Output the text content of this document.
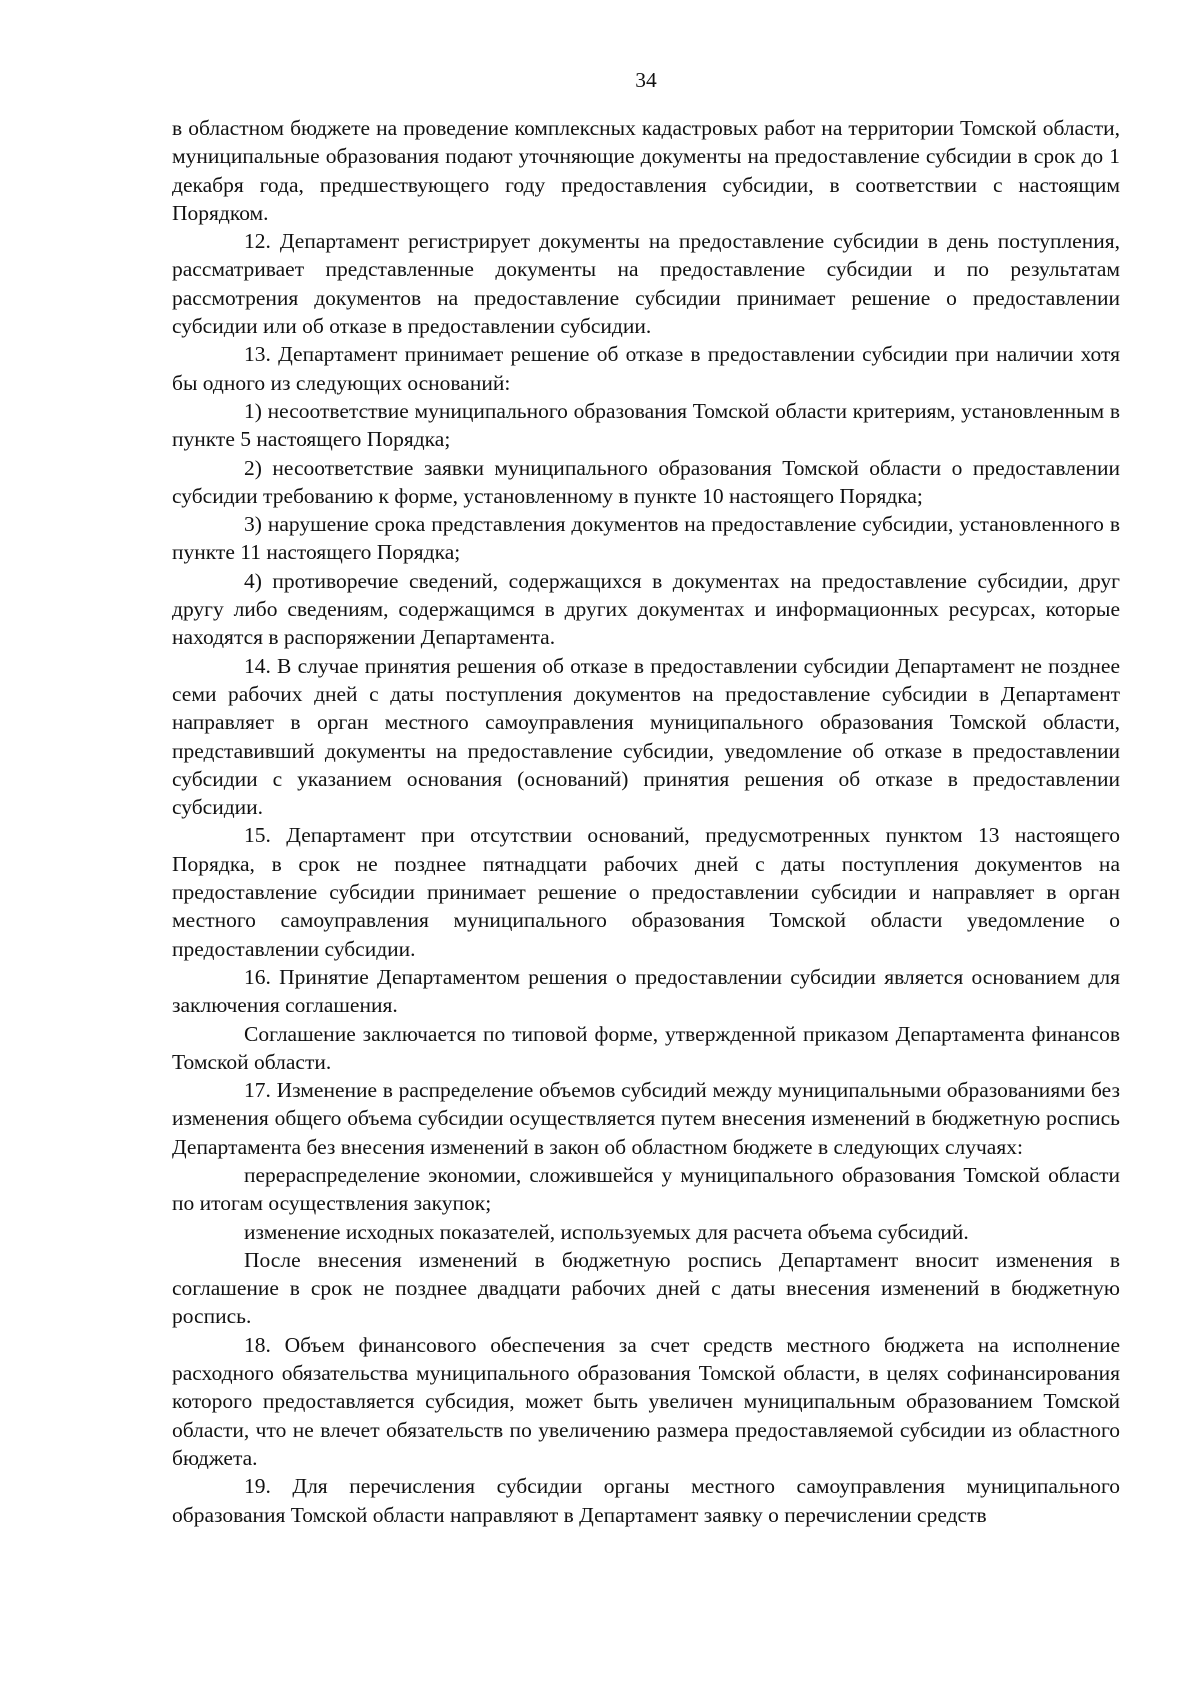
34

в областном бюджете на проведение комплексных кадастровых работ на территории Томской области, муниципальные образования подают уточняющие документы на предоставление субсидии в срок до 1 декабря года, предшествующего году предоставления субсидии, в соответствии с настоящим Порядком.

12. Департамент регистрирует документы на предоставление субсидии в день поступления, рассматривает представленные документы на предоставление субсидии и по результатам рассмотрения документов на предоставление субсидии принимает решение о предоставлении субсидии или об отказе в предоставлении субсидии.

13. Департамент принимает решение об отказе в предоставлении субсидии при наличии хотя бы одного из следующих оснований:

1) несоответствие муниципального образования Томской области критериям, установленным в пункте 5 настоящего Порядка;

2) несоответствие заявки муниципального образования Томской области о предоставлении субсидии требованию к форме, установленному в пункте 10 настоящего Порядка;

3) нарушение срока представления документов на предоставление субсидии, установленного в пункте 11 настоящего Порядка;

4) противоречие сведений, содержащихся в документах на предоставление субсидии, друг другу либо сведениям, содержащимся в других документах и информационных ресурсах, которые находятся в распоряжении Департамента.

14. В случае принятия решения об отказе в предоставлении субсидии Департамент не позднее семи рабочих дней с даты поступления документов на предоставление субсидии в Департамент направляет в орган местного самоуправления муниципального образования Томской области, представивший документы на предоставление субсидии, уведомление об отказе в предоставлении субсидии с указанием основания (оснований) принятия решения об отказе в предоставлении субсидии.

15. Департамент при отсутствии оснований, предусмотренных пунктом 13 настоящего Порядка, в срок не позднее пятнадцати рабочих дней с даты поступления документов на предоставление субсидии принимает решение о предоставлении субсидии и направляет в орган местного самоуправления муниципального образования Томской области уведомление о предоставлении субсидии.

16. Принятие Департаментом решения о предоставлении субсидии является основанием для заключения соглашения.

Соглашение заключается по типовой форме, утвержденной приказом Департамента финансов Томской области.

17. Изменение в распределение объемов субсидий между муниципальными образованиями без изменения общего объема субсидии осуществляется путем внесения изменений в бюджетную роспись Департамента без внесения изменений в закон об областном бюджете в следующих случаях:

перераспределение экономии, сложившейся у муниципального образования Томской области по итогам осуществления закупок;

изменение исходных показателей, используемых для расчета объема субсидий.

После внесения изменений в бюджетную роспись Департамент вносит изменения в соглашение в срок не позднее двадцати рабочих дней с даты внесения изменений в бюджетную роспись.

18. Объем финансового обеспечения за счет средств местного бюджета на исполнение расходного обязательства муниципального образования Томской области, в целях софинансирования которого предоставляется субсидия, может быть увеличен муниципальным образованием Томской области, что не влечет обязательств по увеличению размера предоставляемой субсидии из областного бюджета.

19. Для перечисления субсидии органы местного самоуправления муниципального образования Томской области направляют в Департамент заявку о перечислении средств
